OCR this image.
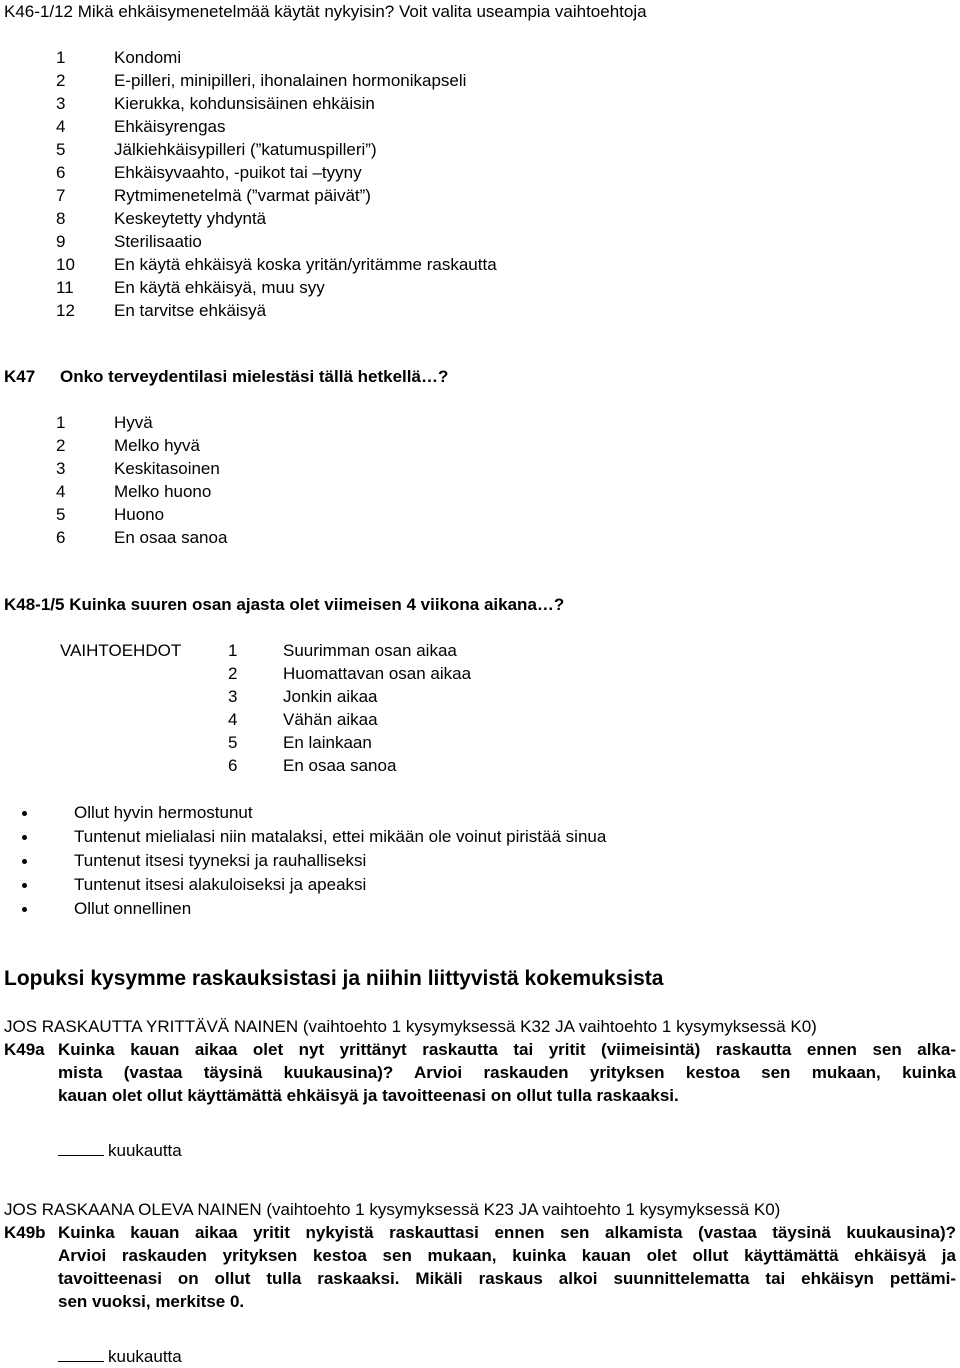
K46-1/12 Mikä ehkäisymenetelmää käytät nykyisin? Voit valita useampia vaihtoehtoja
1	Kondomi
2	E-pilleri, minipilleri, ihonalainen hormonikapseli
3	Kierukka, kohdunsisäinen ehkäisin
4	Ehkäisyrengas
5	Jälkiehkäisypilleri (”katumuspilleri”)
6	Ehkäisyvaahto, -puikot tai –tyyny
7	Rytmimenetelmä (”varmat päivät”)
8	Keskeytetty yhdyntä
9	Sterilisaatio
10	En käytä ehkäisyä koska yritän/yritämme raskautta
11	En käytä ehkäisyä, muu syy
12	En tarvitse ehkäisyä
K47	Onko terveydentilasi mielestäsi tällä hetkellä…?
1	Hyvä
2	Melko hyvä
3	Keskitasoinen
4	Melko huono
5	Huono
6	En osaa sanoa
K48-1/5 Kuinka suuren osan ajasta olet viimeisen 4 viikona aikana…?
VAIHTOEHDOT	1	Suurimman osan aikaa
2	Huomattavan osan aikaa
3	Jonkin aikaa
4	Vähän aikaa
5	En lainkaan
6	En osaa sanoa
Ollut hyvin hermostunut
Tuntenut mielialasi niin matalaksi, ettei mikään ole voinut piristää sinua
Tuntenut itsesi tyyneksi ja rauhalliseksi
Tuntenut itsesi alakuloiseksi ja apeaksi
Ollut onnellinen
Lopuksi kysymme raskauksistasi ja niihin liittyvistä kokemuksista
JOS RASKAUTTA YRITTÄVÄ NAINEN (vaihtoehto 1 kysymyksessä K32 JA vaihtoehto 1 kysymyksessä K0)
K49a Kuinka kauan aikaa olet nyt yrittänyt raskautta tai yritit (viimeisintä) raskautta ennen sen alka-
mista (vastaa täysinä kuukausina)? Arvioi raskauden yrityksen kestoa sen mukaan, kuinka
kauan olet ollut käyttämättä ehkäisyä ja tavoitteenasi on ollut tulla raskaaksi.
kuukautta
JOS RASKAANA OLEVA NAINEN (vaihtoehto 1 kysymyksessä K23 JA vaihtoehto 1 kysymyksessä K0)
K49b Kuinka kauan aikaa yritit nykyistä raskauttasi ennen sen alkamista (vastaa täysinä kuukausina)?
Arvioi raskauden yrityksen kestoa sen mukaan, kuinka kauan olet ollut käyttämättä ehkäisyä ja
tavoitteenasi on ollut tulla raskaaksi. Mikäli raskaus alkoi suunnittelematta tai ehkäisyn pettämi-
sen vuoksi, merkitse 0.
kuukautta
